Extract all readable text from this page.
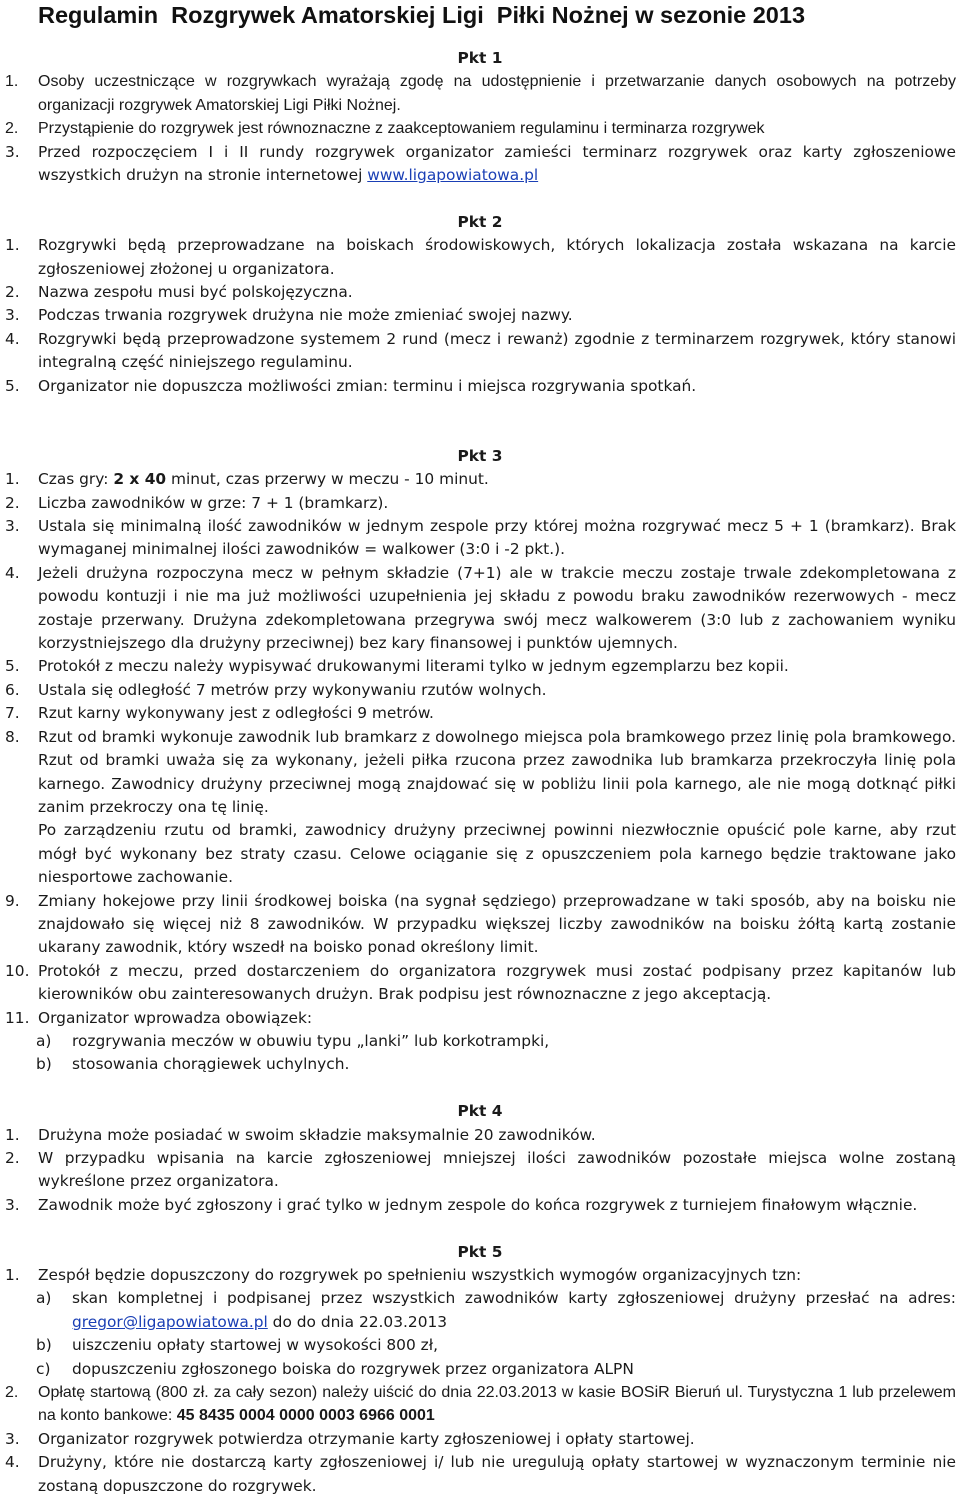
Regulamin  Rozgrywek Amatorskiej Ligi  Piłki Nożnej w sezonie 2013
Pkt 1
1. Osoby uczestniczące w rozgrywkach wyrażają zgodę na udostępnienie i przetwarzanie danych osobowych na potrzeby organizacji rozgrywek Amatorskiej Ligi Piłki Nożnej.
2. Przystąpienie do rozgrywek jest równoznaczne z zaakceptowaniem regulaminu i terminarza rozgrywek
3. Przed rozpoczęciem I i II rundy rozgrywek organizator zamieści terminarz rozgrywek oraz karty zgłoszeniowe wszystkich drużyn na stronie internetowej www.ligapowiatowa.pl
Pkt 2
1. Rozgrywki będą przeprowadzane na boiskach środowiskowych, których lokalizacja została wskazana na karcie zgłoszeniowej złożonej u organizatora.
2. Nazwa zespołu musi być polskojęzyczna.
3. Podczas trwania rozgrywek drużyna nie może zmieniać swojej nazwy.
4. Rozgrywki będą przeprowadzone systemem 2 rund (mecz i rewanż) zgodnie z terminarzem rozgrywek, który stanowi integralną część niniejszego regulaminu.
5. Organizator nie dopuszcza możliwości zmian: terminu i miejsca rozgrywania spotkań.
Pkt 3
1. Czas gry: 2 x 40 minut, czas przerwy w meczu - 10 minut.
2. Liczba zawodników w grze: 7 + 1 (bramkarz).
3. Ustala się minimalną ilość zawodników w jednym zespole przy której można rozgrywać mecz 5 + 1 (bramkarz). Brak wymaganej minimalnej ilości zawodników = walkower (3:0 i -2 pkt.).
4. Jeżeli drużyna rozpoczyna mecz w pełnym składzie (7+1) ale w trakcie meczu zostaje trwale zdekompletowana z powodu kontuzji i nie ma już możliwości uzupełnienia jej składu z powodu braku zawodników rezerwowych - mecz zostaje przerwany. Drużyna zdekompletowana przegrywa swój mecz walkowerem (3:0 lub z zachowaniem wyniku korzystniejszego dla drużyny przeciwnej) bez kary finansowej i punktów ujemnych.
5. Protokół z meczu należy wypisywać drukowanymi literami tylko w jednym egzemplarzu bez kopii.
6. Ustala się odległość 7 metrów przy wykonywaniu rzutów wolnych.
7. Rzut karny wykonywany jest z odległości 9 metrów.
8. Rzut od bramki wykonuje zawodnik lub bramkarz z dowolnego miejsca pola bramkowego przez linię pola bramkowego. Rzut od bramki uważa się za wykonany, jeżeli piłka rzucona przez zawodnika lub bramkarza przekroczyła linię pola karnego. Zawodnicy drużyny przeciwnej mogą znajdować się w pobliżu linii pola karnego, ale nie mogą dotknąć piłki zanim przekroczy ona tę linię.
Po zarządzeniu rzutu od bramki, zawodnicy drużyny przeciwnej powinni niezwłocznie opuścić pole karne, aby rzut mógł być wykonany bez straty czasu. Celowe ociąganie się z opuszczeniem pola karnego będzie traktowane jako niesportowe zachowanie.
9. Zmiany hokejowe przy linii środkowej boiska (na sygnał sędziego) przeprowadzane w taki sposób, aby na boisku nie znajdowało się więcej niż 8 zawodników. W przypadku większej liczby zawodników na boisku żółtą kartą zostanie ukarany zawodnik, który wszedł na boisko ponad określony limit.
10. Protokół z meczu, przed dostarczeniem do organizatora rozgrywek musi zostać podpisany przez kapitanów lub kierowników obu zainteresowanych drużyn. Brak podpisu jest równoznaczne z jego akceptacją.
11. Organizator wprowadza obowiązek:
a) rozgrywania meczów w obuwiu typu „lanki” lub korkotrampki,
b) stosowania chorągiewek uchylnych.
Pkt 4
1. Drużyna może posiadać w swoim składzie maksymalnie 20 zawodników.
2. W przypadku wpisania na karcie zgłoszeniowej mniejszej ilości zawodników pozostałe miejsca wolne zostaną wykreślone przez organizatora.
3. Zawodnik może być zgłoszony i grać tylko w jednym zespole do końca rozgrywek z turniejem finałowym włącznie.
Pkt 5
1. Zespół będzie dopuszczony do rozgrywek po spełnieniu wszystkich wymogów organizacyjnych tzn:
a) skan kompletnej i podpisanej przez wszystkich zawodników karty zgłoszeniowej drużyny przesłać na adres: gregor@ligapowiatowa.pl do do dnia 22.03.2013
b) uiszczeniu opłaty startowej w wysokości 800 zł,
c) dopuszczeniu zgłoszonego boiska do rozgrywek przez organizatora ALPN
2. Opłatę startową (800 zł. za cały sezon) należy uiścić do dnia 22.03.2013 w kasie BOSiR Bieruń ul. Turystyczna 1 lub przelewem na konto bankowe: 45 8435 0004 0000 0003 6966 0001
3. Organizator rozgrywek potwierdza otrzymanie karty zgłoszeniowej i opłaty startowej.
4. Drużyny, które nie dostarczą karty zgłoszeniowej i/ lub nie uregulują opłaty startowej w wyznaczonym terminie nie zostaną dopuszczone do rozgrywek.
